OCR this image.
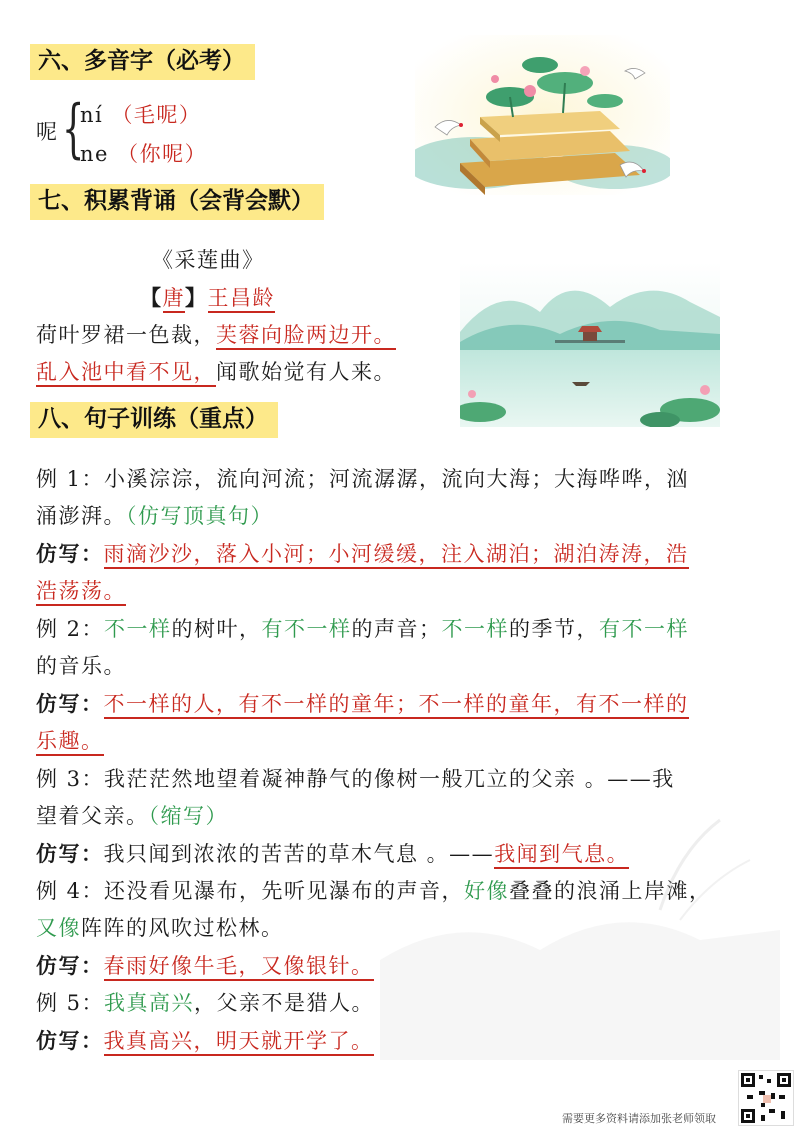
六、多音字（必考）
呢 {
ní （毛呢）
ne （你呢）
七、积累背诵（会背会默）
《采莲曲》
【唐】王昌龄
荷叶罗裙一色裁，芙蓉向脸两边开。
乱入池中看不见，闻歌始觉有人来。
八、句子训练（重点）
例 1：小溪淙淙，流向河流；河流潺潺，流向大海；大海哗哗，汹
涌澎湃。（仿写顶真句）
仿写：雨滴沙沙，落入小河；小河缓缓，注入湖泊；湖泊涛涛，浩
浩荡荡。
例 2：不一样的树叶，有不一样的声音；不一样的季节，有不一样
的音乐。
仿写：不一样的人，有不一样的童年；不一样的童年，有不一样的
乐趣。
例 3：我茫茫然地望着凝神静气的像树一般兀立的父亲 。——我
望着父亲。（缩写）
仿写：我只闻到浓浓的苦苦的草木气息 。——我闻到气息。
例 4：还没看见瀑布，先听见瀑布的声音，好像叠叠的浪涌上岸滩，
又像阵阵的风吹过松林。
仿写：春雨好像牛毛，又像银针。
例 5：我真高兴，父亲不是猎人。
仿写：我真高兴，明天就开学了。
需要更多资料请添加张老师领取
